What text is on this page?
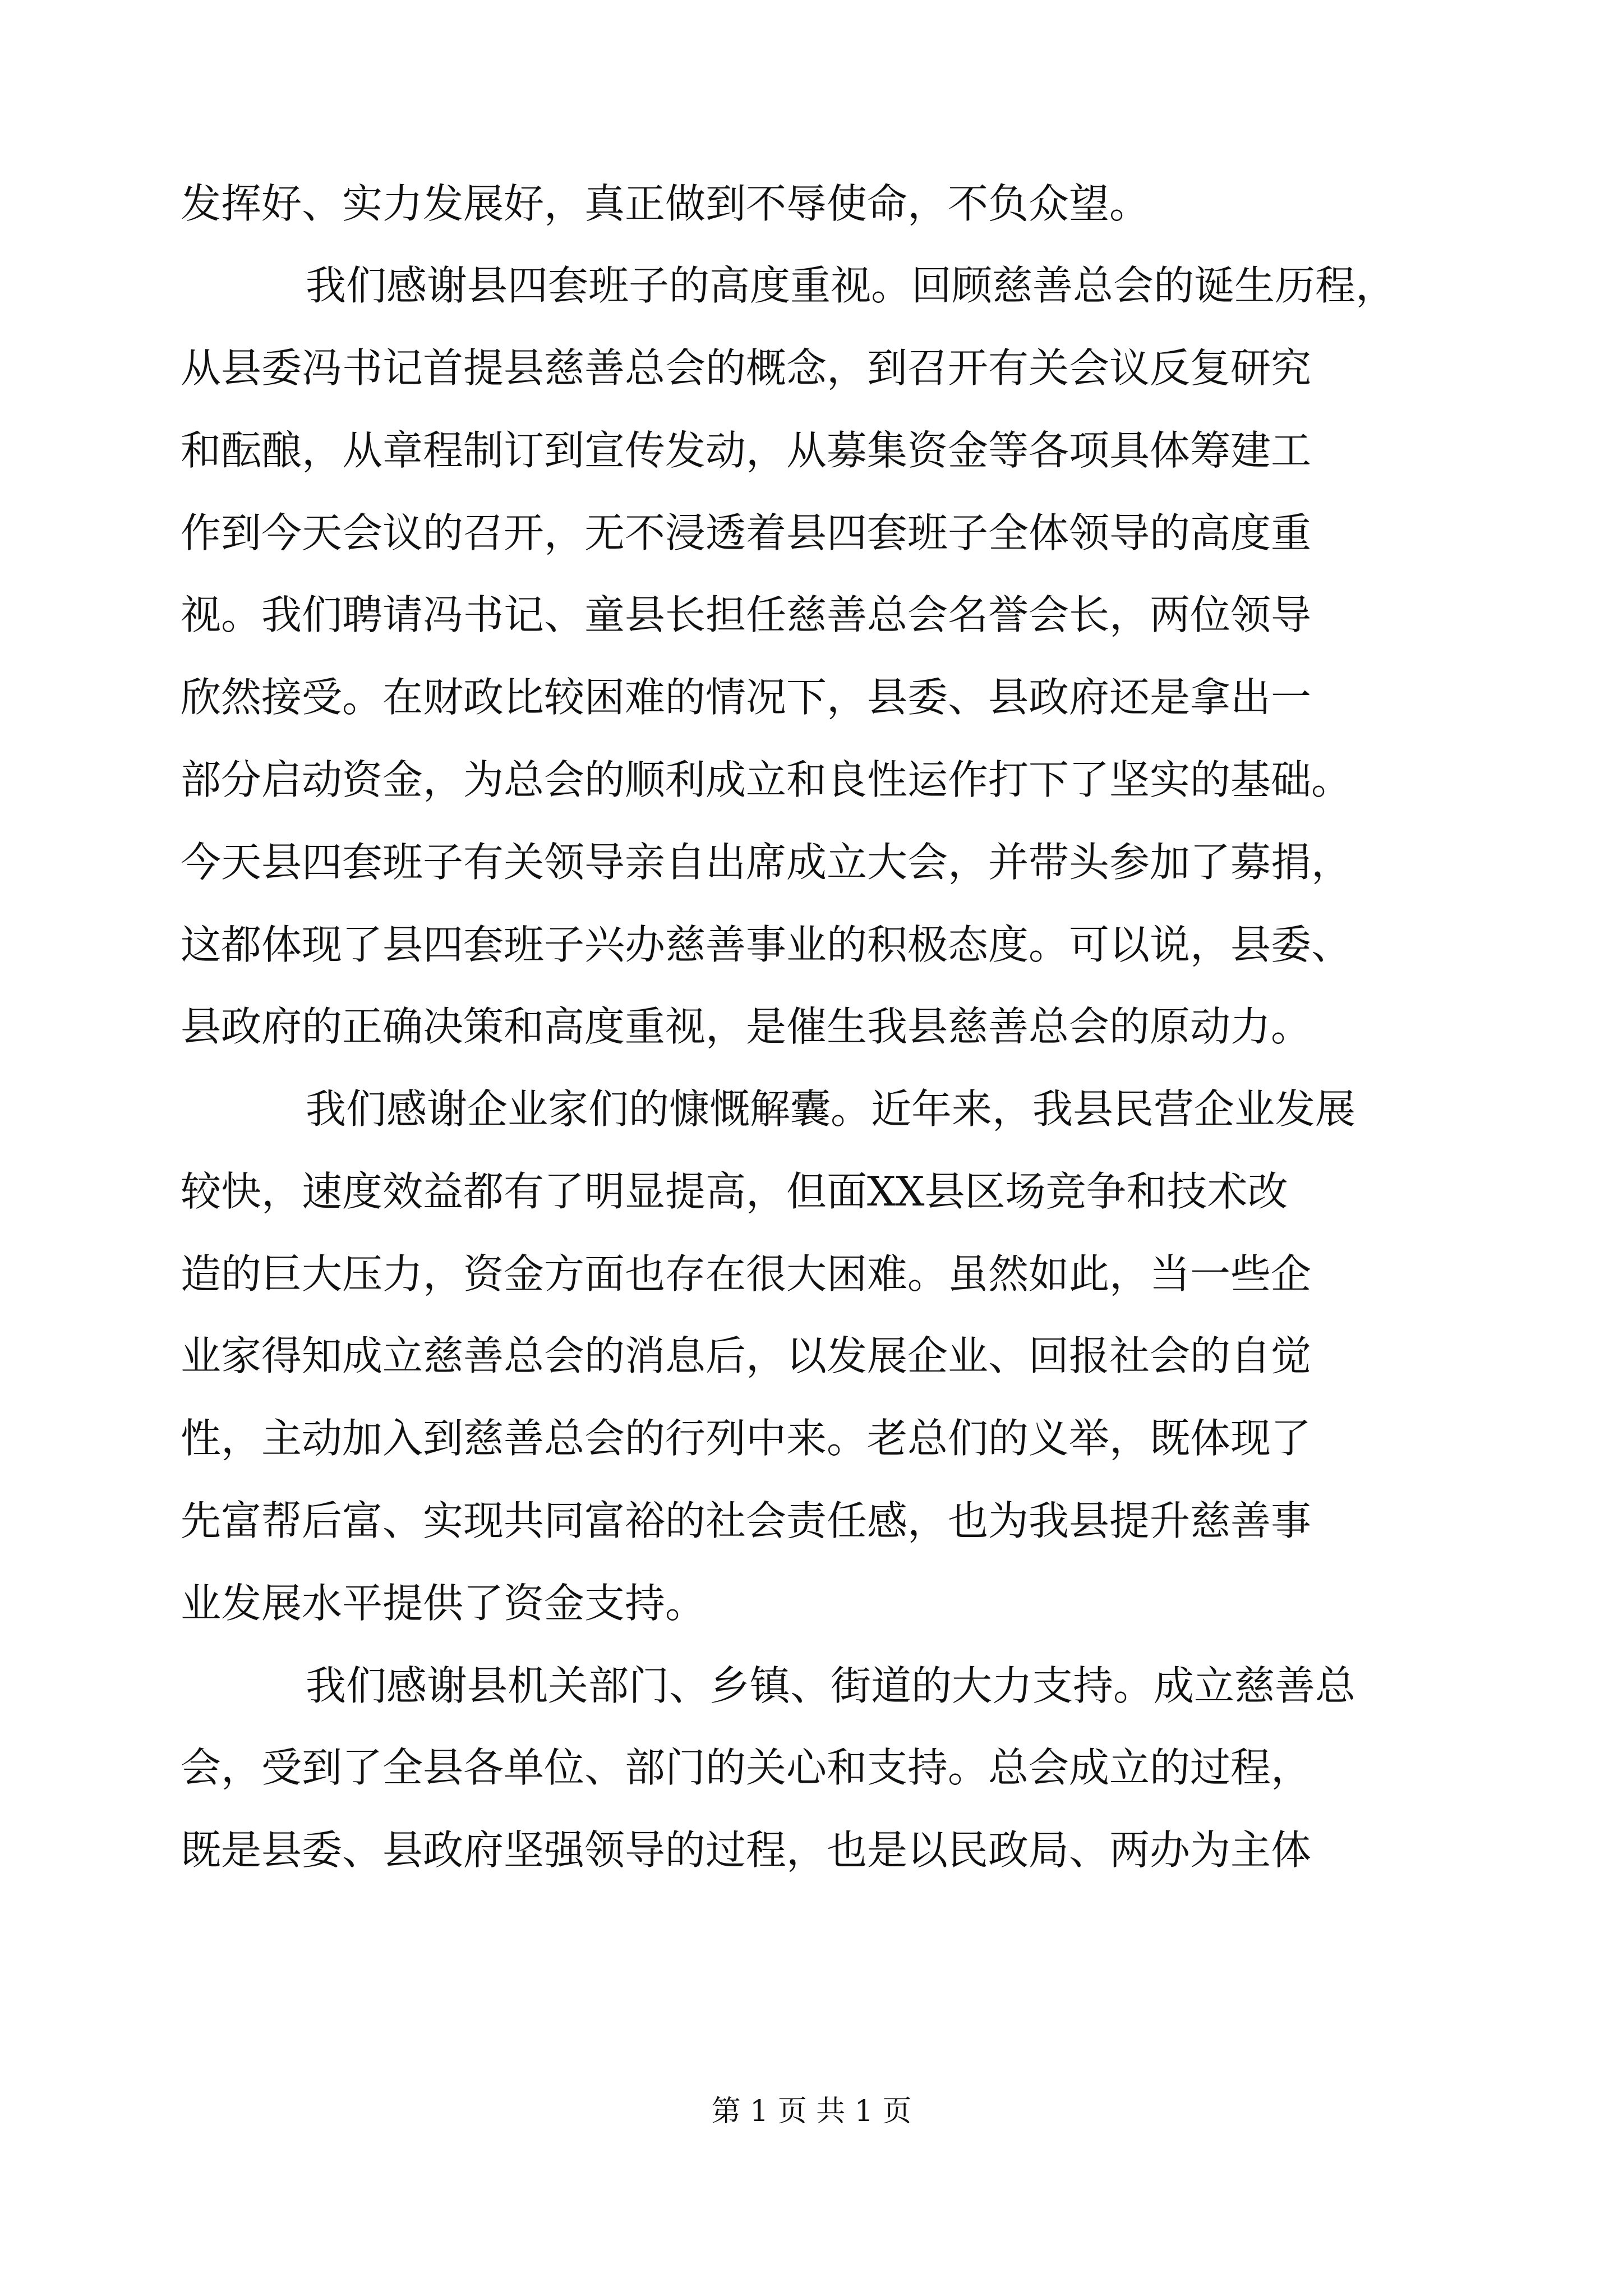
发挥好、实力发展好，真正做到不辱使命，不负众望。
我们感谢县四套班子的高度重视。回顾慈善总会的诞生历程，
从县委冯书记首提县慈善总会的概念，到召开有关会议反复研究
和酝酿，从章程制订到宣传发动，从募集资金等各项具体筹建工
作到今天会议的召开，无不浸透着县四套班子全体领导的高度重
视。我们聘请冯书记、童县长担任慈善总会名誉会长，两位领导
欣然接受。在财政比较困难的情况下，县委、县政府还是拿出一
部分启动资金，为总会的顺利成立和良性运作打下了坚实的基础。
今天县四套班子有关领导亲自出席成立大会，并带头参加了募捐，
这都体现了县四套班子兴办慈善事业的积极态度。可以说，县委、
县政府的正确决策和高度重视，是催生我县慈善总会的原动力。
我们感谢企业家们的慷慨解囊。近年来，我县民营企业发展
较快，速度效益都有了明显提高，但面XX县区场竞争和技术改
造的巨大压力，资金方面也存在很大困难。虽然如此，当一些企
业家得知成立慈善总会的消息后，以发展企业、回报社会的自觉
性，主动加入到慈善总会的行列中来。老总们的义举，既体现了
先富帮后富、实现共同富裕的社会责任感，也为我县提升慈善事
业发展水平提供了资金支持。
我们感谢县机关部门、乡镇、街道的大力支持。成立慈善总
会，受到了全县各单位、部门的关心和支持。总会成立的过程，
既是县委、县政府坚强领导的过程，也是以民政局、两办为主体
第 1 页 共 1 页
